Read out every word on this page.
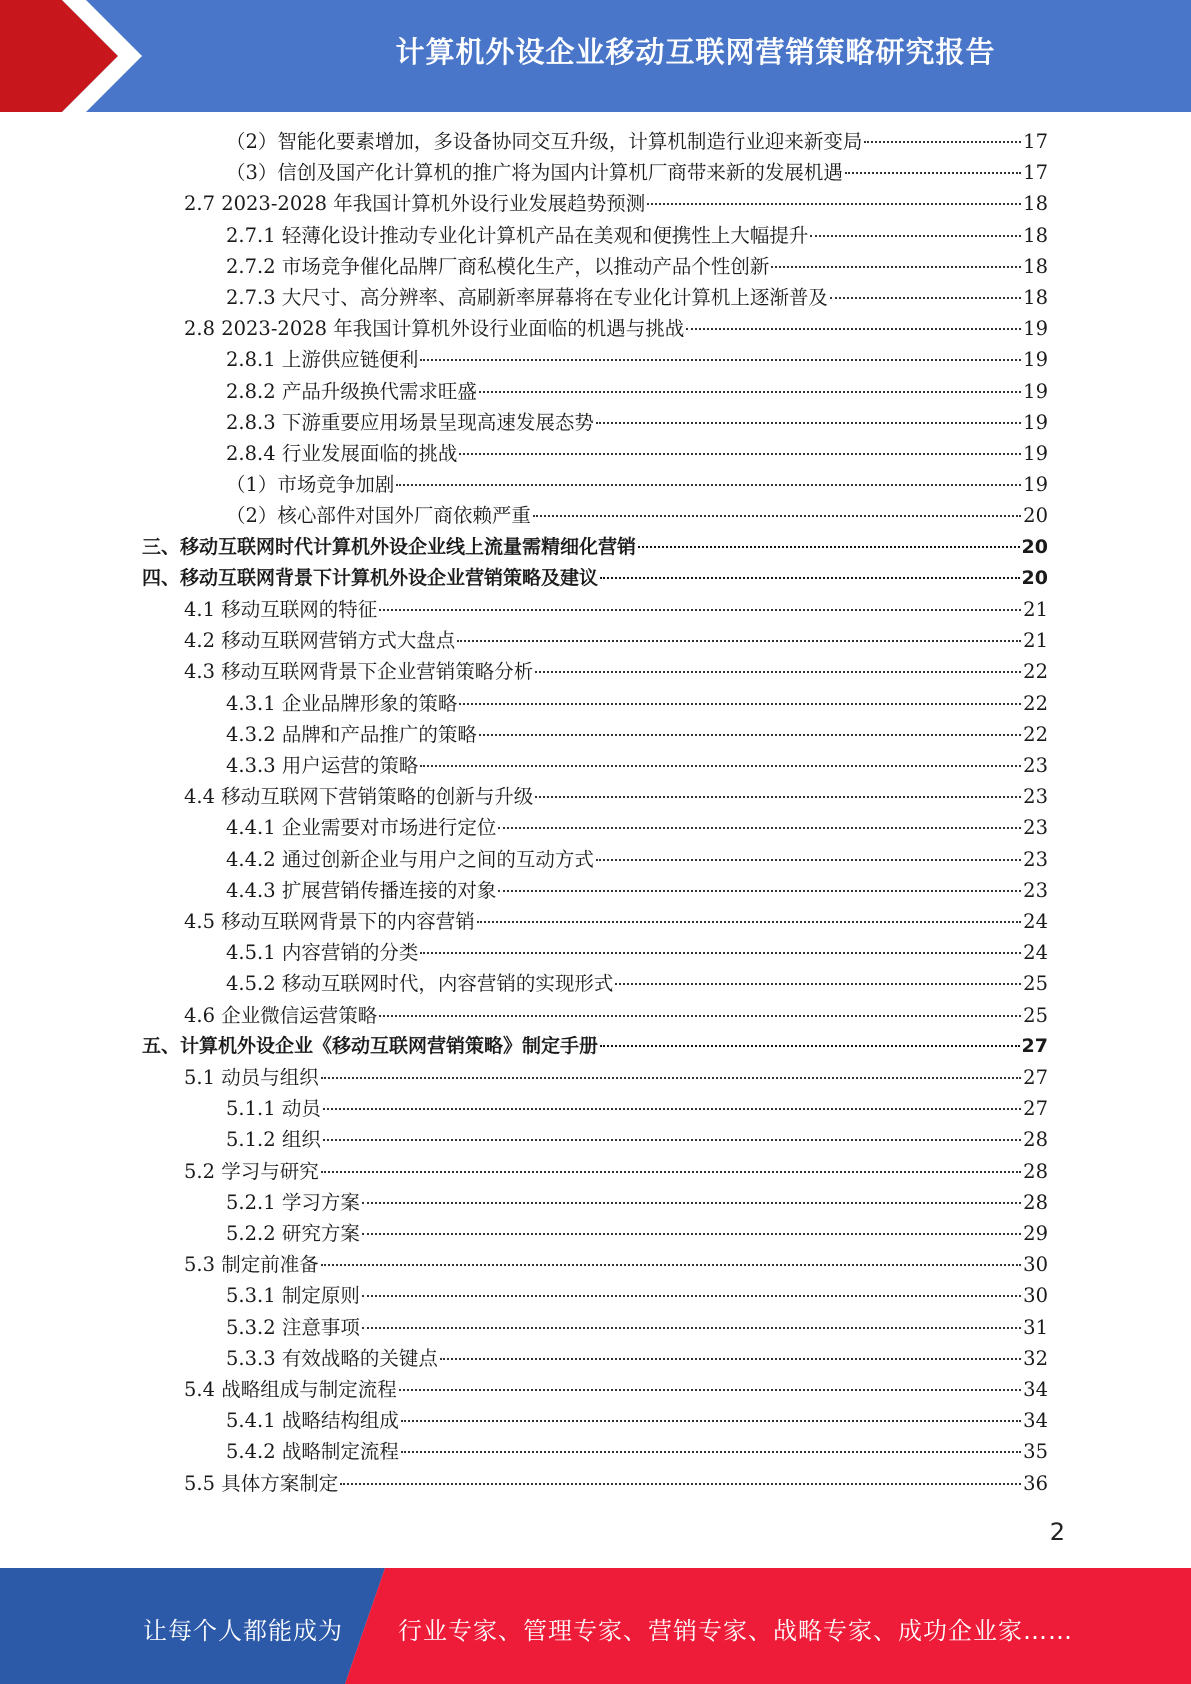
计算机外设企业移动互联网营销策略研究报告
（2）智能化要素增加，多设备协同交互升级，计算机制造行业迎来新变局	17
（3）信创及国产化计算机的推广将为国内计算机厂商带来新的发展机遇	17
2.7 2023-2028 年我国计算机外设行业发展趋势预测	18
2.7.1 轻薄化设计推动专业化计算机产品在美观和便携性上大幅提升	18
2.7.2 市场竞争催化品牌厂商私模化生产，以推动产品个性创新	18
2.7.3 大尺寸、高分辨率、高刷新率屏幕将在专业化计算机上逐渐普及	18
2.8 2023-2028 年我国计算机外设行业面临的机遇与挑战	19
2.8.1 上游供应链便利	19
2.8.2 产品升级换代需求旺盛	19
2.8.3 下游重要应用场景呈现高速发展态势	19
2.8.4 行业发展面临的挑战	19
（1）市场竞争加剧	19
（2）核心部件对国外厂商依赖严重	20
三、移动互联网时代计算机外设企业线上流量需精细化营销	20
四、移动互联网背景下计算机外设企业营销策略及建议	20
4.1 移动互联网的特征	21
4.2 移动互联网营销方式大盘点	21
4.3 移动互联网背景下企业营销策略分析	22
4.3.1 企业品牌形象的策略	22
4.3.2 品牌和产品推广的策略	22
4.3.3 用户运营的策略	23
4.4 移动互联网下营销策略的创新与升级	23
4.4.1 企业需要对市场进行定位	23
4.4.2 通过创新企业与用户之间的互动方式	23
4.4.3 扩展营销传播连接的对象	23
4.5 移动互联网背景下的内容营销	24
4.5.1 内容营销的分类	24
4.5.2 移动互联网时代，内容营销的实现形式	25
4.6 企业微信运营策略	25
五、计算机外设企业《移动互联网营销策略》制定手册	27
5.1 动员与组织	27
5.1.1 动员	27
5.1.2 组织	28
5.2 学习与研究	28
5.2.1 学习方案	28
5.2.2 研究方案	29
5.3 制定前准备	30
5.3.1 制定原则	30
5.3.2 注意事项	31
5.3.3 有效战略的关键点	32
5.4 战略组成与制定流程	34
5.4.1 战略结构组成	34
5.4.2 战略制定流程	35
5.5 具体方案制定	36
2
让每个人都能成为 行业专家、管理专家、营销专家、战略专家、成功企业家……
